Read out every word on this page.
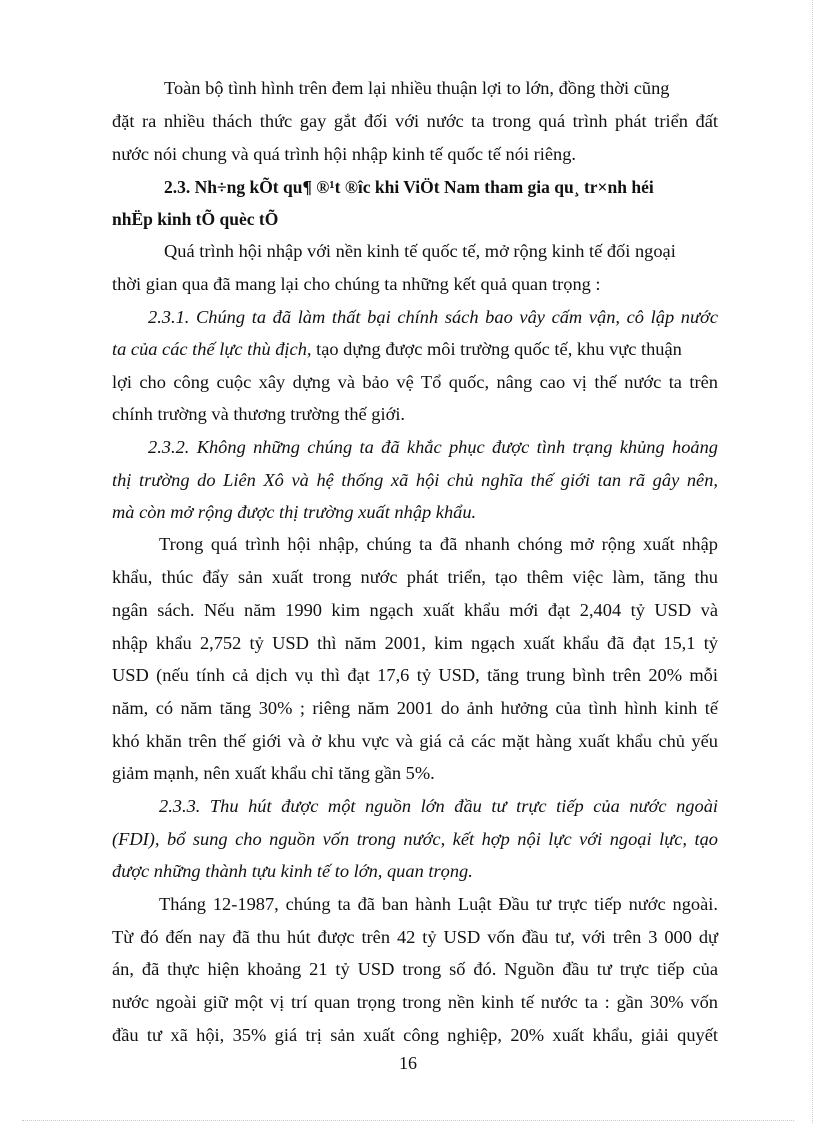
Toàn bộ tình hình trên đem lại nhiều thuận lợi to lớn, đồng thời cũng
đặt ra nhiều thách thức gay gắt đối với nước ta trong quá trình phát triển đất
nước nói chung và quá trình hội nhập kinh tế quốc tế nói riêng.
2.3. Nh÷ng kÕt qu¶ ®¹t ®îc khi ViÖt Nam tham gia qu¸ tr×nh héi
nhËp kinh tÕ quèc tÕ
Quá trình hội nhập với nền kinh tế quốc tế, mở rộng kinh tế đối ngoại
thời gian qua đã mang lại cho chúng ta những kết quả quan trọng :
2.3.1. Chúng ta đã làm thất bại chính sách bao vây cấm vận, cô lập nước
ta của các thế lực thù địch, tạo dựng được môi trường quốc tế, khu vực thuận
lợi cho công cuộc xây dựng và bảo vệ Tổ quốc, nâng cao vị thế nước ta trên
chính trường và thương trường thế giới.
2.3.2. Không những chúng ta đã khắc phục được tình trạng khủng hoảng
thị trường do Liên Xô và hệ thống xã hội chủ nghĩa thế giới tan rã gây nên,
mà còn mở rộng được thị trường xuất nhập khẩu.
Trong quá trình hội nhập, chúng ta đã nhanh chóng mở rộng xuất nhập
khẩu, thúc đẩy sản xuất trong nước phát triển, tạo thêm việc làm, tăng thu
ngân sách. Nếu năm 1990 kim ngạch xuất khẩu mới đạt 2,404 tỷ USD và
nhập khẩu 2,752 tỷ USD thì năm 2001, kim ngạch xuất khẩu đã đạt 15,1 tỷ
USD (nếu tính cả dịch vụ thì đạt 17,6 tỷ USD, tăng trung bình trên 20% mỗi
năm, có năm tăng 30% ; riêng năm 2001 do ảnh hưởng của tình hình kinh tế
khó khăn trên thế giới và ở khu vực và giá cả các mặt hàng xuất khẩu chủ yếu
giảm mạnh, nên xuất khẩu chỉ tăng gần 5%.
2.3.3. Thu hút được một nguồn lớn đầu tư trực tiếp của nước ngoài
(FDI), bổ sung cho nguồn vốn trong nước, kết hợp nội lực với ngoại lực, tạo
được những thành tựu kinh tế to lớn, quan trọng.
Tháng 12-1987, chúng ta đã ban hành Luật Đầu tư trực tiếp nước ngoài.
Từ đó đến nay đã thu hút được trên 42 tỷ USD vốn đầu tư, với trên 3 000 dự
án, đã thực hiện khoảng 21 tỷ USD trong số đó. Nguồn đầu tư trực tiếp của
nước ngoài giữ một vị trí quan trọng trong nền kinh tế nước ta : gần 30% vốn
đầu tư xã hội, 35% giá trị sản xuất công nghiệp, 20% xuất khẩu, giải quyết
16
